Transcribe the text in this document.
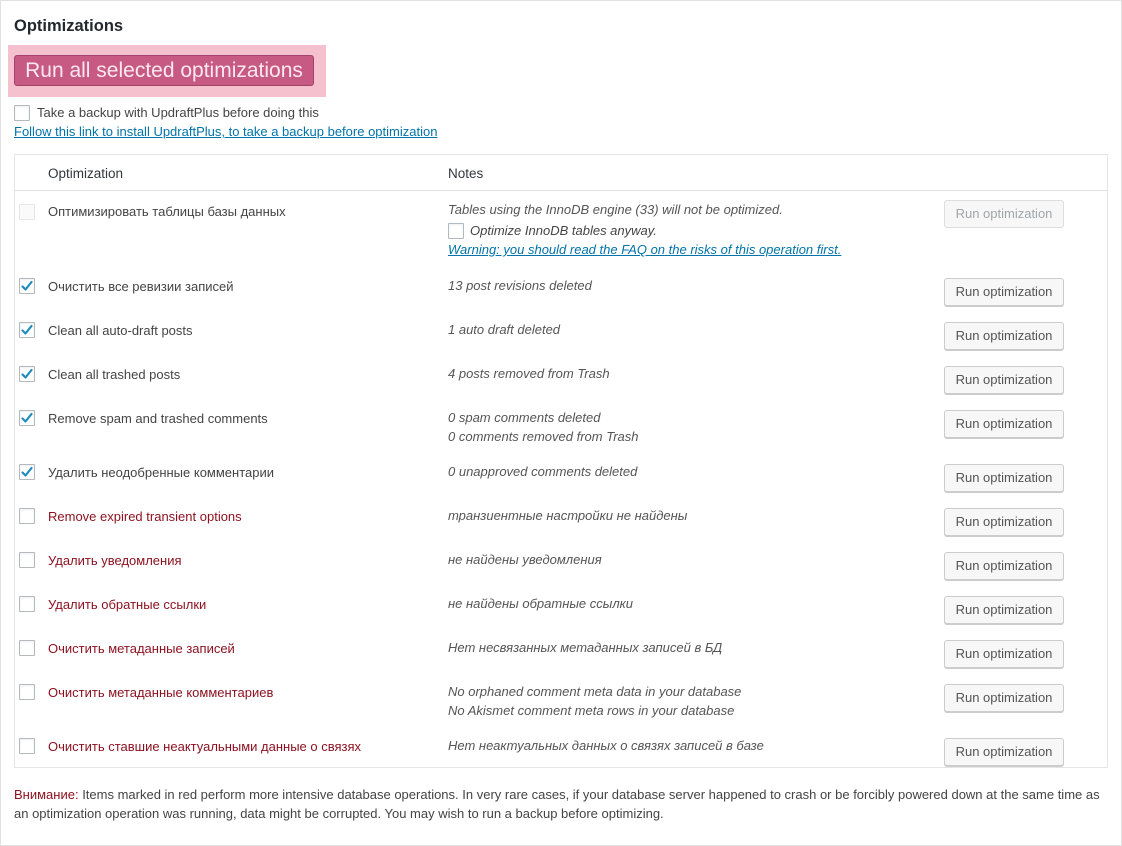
Optimizations
Run all selected optimizations
Take a backup with UpdraftPlus before doing this
Follow this link to install UpdraftPlus, to take a backup before optimization
Optimization	Notes
Оптимизировать таблицы базы данных	Tables using the InnoDB engine (33) will not be optimized.
Optimize InnoDB tables anyway.
Warning: you should read the FAQ on the risks of this operation first.
Run optimization
Очистить все ревизии записей	13 post revisions deleted	Run optimization
Clean all auto-draft posts	1 auto draft deleted	Run optimization
Clean all trashed posts	4 posts removed from Trash	Run optimization
Remove spam and trashed comments	0 spam comments deleted
0 comments removed from Trash
Run optimization
Удалить неодобренные комментарии	0 unapproved comments deleted	Run optimization
Remove expired transient options	транзиентные настройки не найдены	Run optimization
Удалить уведомления	не найдены уведомления	Run optimization
Удалить обратные ссылки	не найдены обратные ссылки	Run optimization
Очистить метаданные записей	Нет несвязанных метаданных записей в БД	Run optimization
Очистить метаданные комментариев	No orphaned comment meta data in your database
No Akismet comment meta rows in your database
Run optimization
Очистить ставшие неактуальными данные о связях	Нет неактуальных данных о связях записей в базе	Run optimization
Внимание: Items marked in red perform more intensive database operations. In very rare cases, if your database server happened to crash or be forcibly powered down at the same time as an optimization operation was running, data might be corrupted. You may wish to run a backup before optimizing.
